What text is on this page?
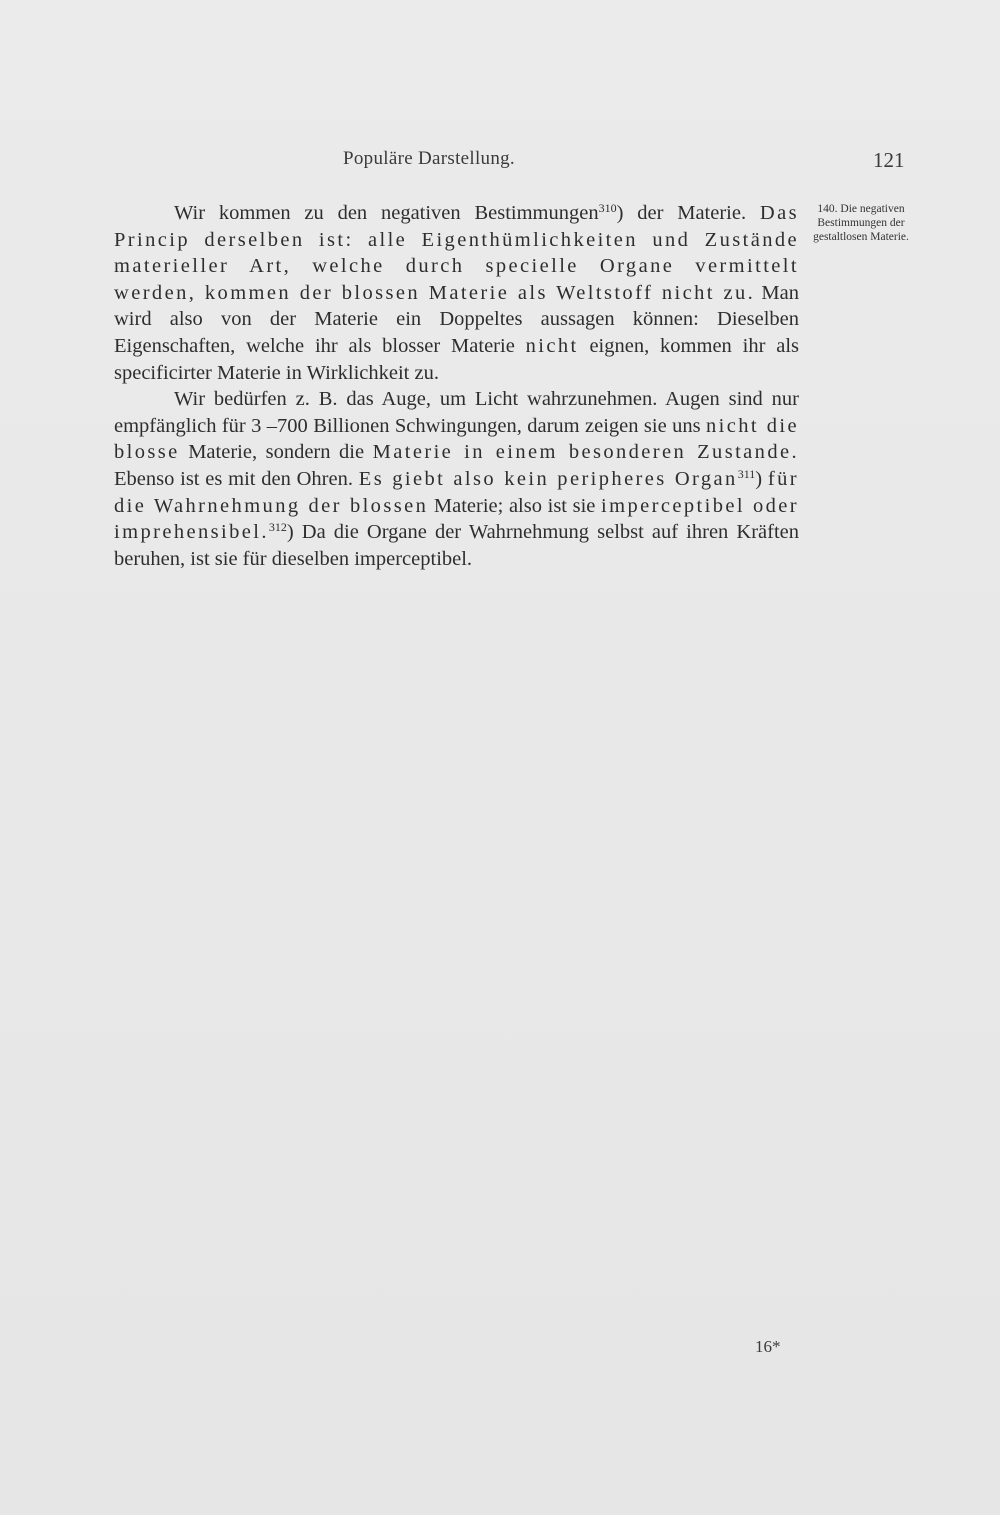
Populäre Darstellung.	121

Wir kommen zu den negativen Bestimmungen$^{310}$) der Materie. Das Princip derselben ist: alle Eigenthümlichkeiten und Zustände materieller Art, welche durch specielle Organe vermittelt werden, kommen der blossen Materie als Weltstoff nicht zu. Man wird also von der Materie ein Doppeltes aussagen können: Dieselben Eigenschaften, welche ihr als blosser Materie nicht eignen, kommen ihr als specificirter Materie in Wirklichkeit zu.

Wir bedürfen z. B. das Auge, um Licht wahrzunehmen. Augen sind nur empfänglich für 3 –700 Billionen Schwingungen, darum zeigen sie uns nicht die blosse Materie, sondern die Materie in einem besonderen Zustande. Ebenso ist es mit den Ohren. Es giebt also kein peripheres Organ$^{311}$) für die Wahrnehmung der blossen Materie; also ist sie imperceptibel oder imprehensibel.$^{312}$) Da die Organe der Wahrnehmung selbst auf ihren Kräften beruhen, ist sie für dieselben imperceptibel.

140. Die negativen Bestimmungen der gestaltlosen Materie.
16*
